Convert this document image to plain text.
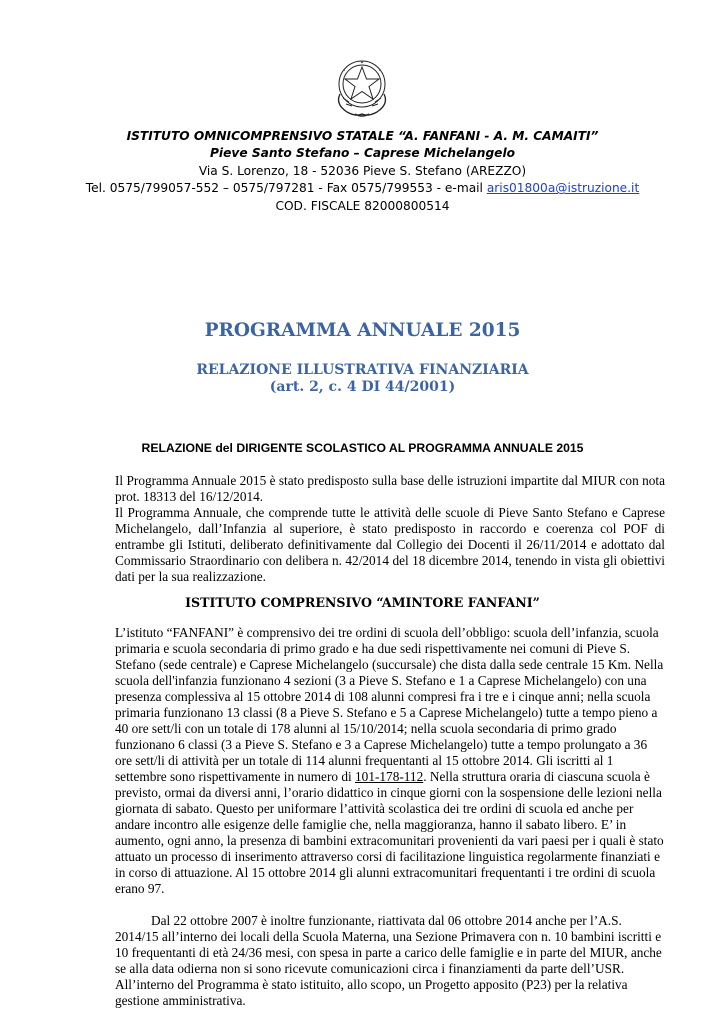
ISTITUTO OMNICOMPRENSIVO STATALE “A. FANFANI - A. M. CAMAITI”
Pieve Santo Stefano – Caprese Michelangelo
Via S. Lorenzo, 18 - 52036 Pieve S. Stefano (AREZZO)
Tel. 0575/799057-552 – 0575/797281 - Fax 0575/799553 - e-mail aris01800a@istruzione.it
COD. FISCALE 82000800514
PROGRAMMA ANNUALE 2015
RELAZIONE ILLUSTRATIVA FINANZIARIA
(art. 2, c. 4 DI 44/2001)
RELAZIONE del DIRIGENTE SCOLASTICO AL PROGRAMMA ANNUALE 2015

Il Programma Annuale 2015 è stato predisposto sulla base delle istruzioni impartite dal MIUR con nota prot. 18313 del 16/12/2014.

Il Programma Annuale, che comprende tutte le attività delle scuole di Pieve Santo Stefano e Caprese Michelangelo, dall’Infanzia al superiore, è stato predisposto in raccordo e coerenza col POF di entrambe gli Istituti, deliberato definitivamente dal Collegio dei Docenti il 26/11/2014 e adottato dal Commissario Straordinario con delibera n. 42/2014 del 18 dicembre 2014, tenendo in vista gli obiettivi dati per la sua realizzazione.

ISTITUTO COMPRENSIVO “AMINTORE FANFANI”

L’istituto “FANFANI” è comprensivo dei tre ordini di scuola dell’obbligo: scuola dell’infanzia, scuola primaria e scuola secondaria di primo grado e ha due sedi rispettivamente nei comuni di Pieve S. Stefano (sede centrale) e Caprese Michelangelo (succursale) che dista dalla sede centrale 15 Km. Nella scuola dell'infanzia funzionano 4 sezioni (3 a Pieve S. Stefano e 1 a Caprese Michelangelo) con una presenza complessiva al 15 ottobre 2014 di 108 alunni compresi fra i tre e i cinque anni; nella scuola primaria funzionano 13 classi (8 a Pieve S. Stefano e 5 a Caprese Michelangelo) tutte a tempo pieno a 40 ore sett/li con un totale di 178 alunni al 15/10/2014; nella scuola secondaria di primo grado funzionano 6 classi (3 a Pieve S. Stefano e 3 a Caprese Michelangelo) tutte a tempo prolungato a 36 ore sett/li di attività per un totale di 114 alunni frequentanti al 15 ottobre 2014. Gli iscritti al 1 settembre sono rispettivamente in numero di 101-178-112. Nella struttura oraria di ciascuna scuola è previsto, ormai da diversi anni, l’orario didattico in cinque giorni con la sospensione delle lezioni nella giornata di sabato. Questo per uniformare l’attività scolastica dei tre ordini di scuola ed anche per andare incontro alle esigenze delle famiglie che, nella maggioranza, hanno il sabato libero. E’ in aumento, ogni anno, la presenza di bambini extracomunitari provenienti da vari paesi per i quali è stato attuato un processo di inserimento attraverso corsi di facilitazione linguistica regolarmente finanziati e in corso di attuazione. Al 15 ottobre 2014 gli alunni extracomunitari frequentanti i tre ordini di scuola erano 97.

Dal 22 ottobre 2007 è inoltre funzionante, riattivata dal 06 ottobre 2014 anche per l’A.S. 2014/15 all’interno dei locali della Scuola Materna, una Sezione Primavera con n. 10 bambini iscritti e 10 frequentanti di età 24/36 mesi, con spesa in parte a carico delle famiglie e in parte del MIUR, anche se alla data odierna non si sono ricevute comunicazioni circa i finanziamenti da parte dell’USR. All’interno del Programma è stato istituito, allo scopo, un Progetto apposito (P23) per la relativa gestione amministrativa.
